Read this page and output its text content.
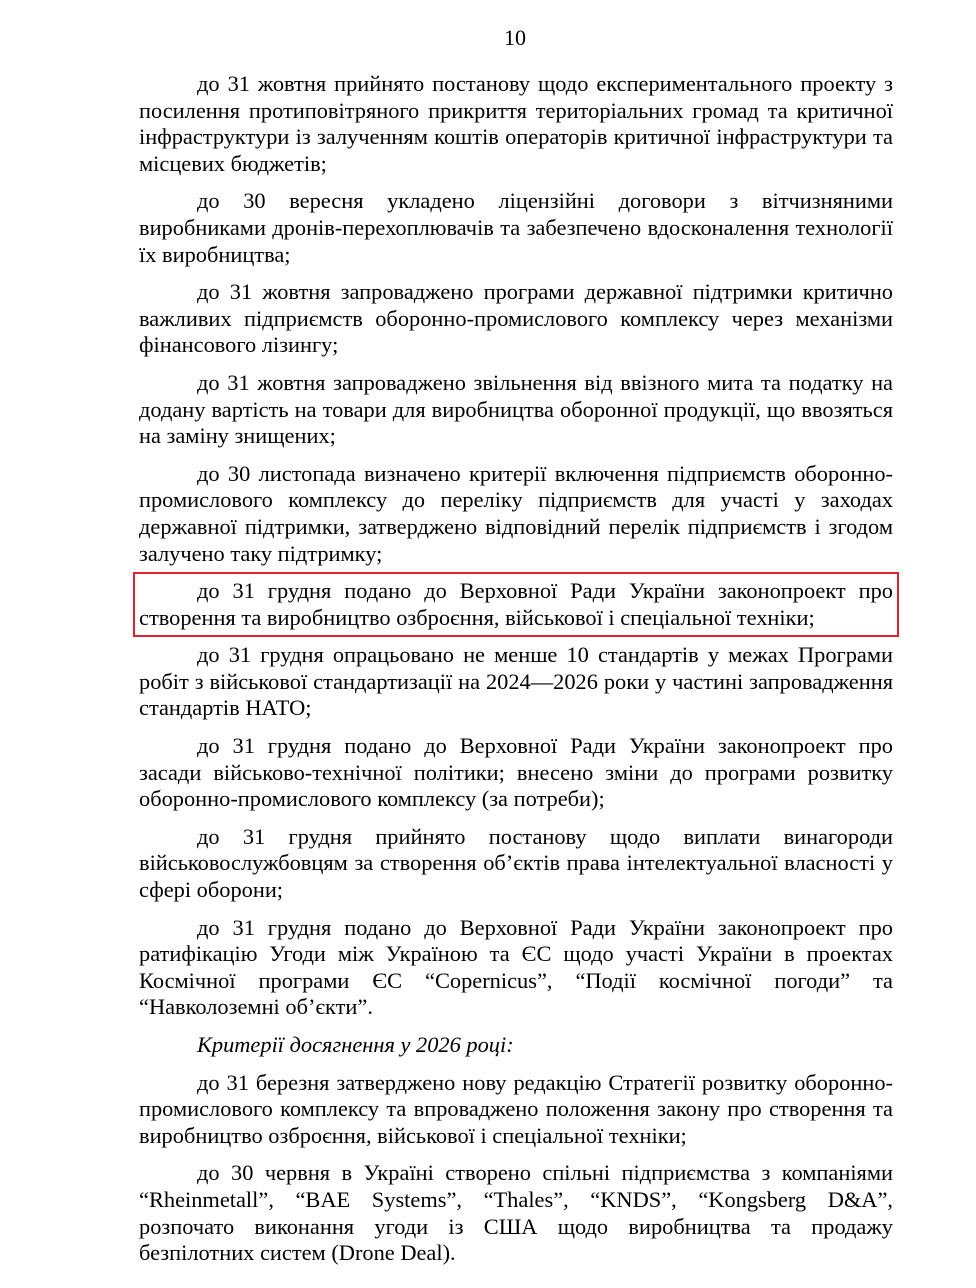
10

до 31 жовтня прийнято постанову щодо експериментального проекту з посилення протиповітряного прикриття територіальних громад та критичної інфраструктури із залученням коштів операторів критичної інфраструктури та місцевих бюджетів;

до 30 вересня укладено ліцензійні договори з вітчизняними виробниками дронів-перехоплювачів та забезпечено вдосконалення технології їх виробництва;

до 31 жовтня запроваджено програми державної підтримки критично важливих підприємств оборонно-промислового комплексу через механізми фінансового лізингу;

до 31 жовтня запроваджено звільнення від ввізного мита та податку на додану вартість на товари для виробництва оборонної продукції, що ввозяться на заміну знищених;

до 30 листопада визначено критерії включення підприємств оборонно-промислового комплексу до переліку підприємств для участі у заходах державної підтримки, затверджено відповідний перелік підприємств і згодом залучено таку підтримку;

до 31 грудня подано до Верховної Ради України законопроект про створення та виробництво озброєння, військової і спеціальної техніки;

до 31 грудня опрацьовано не менше 10 стандартів у межах Програми робіт з військової стандартизації на 2024—2026 роки у частині запровадження стандартів НАТО;

до 31 грудня подано до Верховної Ради України законопроект про засади військово-технічної політики; внесено зміни до програми розвитку оборонно-промислового комплексу (за потреби);

до 31 грудня прийнято постанову щодо виплати винагороди військовослужбовцям за створення об’єктів права інтелектуальної власності у сфері оборони;

до 31 грудня подано до Верховної Ради України законопроект про ратифікацію Угоди між Україною та ЄС щодо участі України в проектах Космічної програми ЄС “Copernicus”, “Події космічної погоди” та “Навколоземні об’єкти”.

Критерії досягнення у 2026 році:

до 31 березня затверджено нову редакцію Стратегії розвитку оборонно-промислового комплексу та впроваджено положення закону про створення та виробництво озброєння, військової і спеціальної техніки;

до 30 червня в Україні створено спільні підприємства з компаніями “Rheinmetall”, “BAE Systems”, “Thales”, “KNDS”, “Kongsberg D&A”, розпочато виконання угоди із США щодо виробництва та продажу безпілотних систем (Drone Deal).
